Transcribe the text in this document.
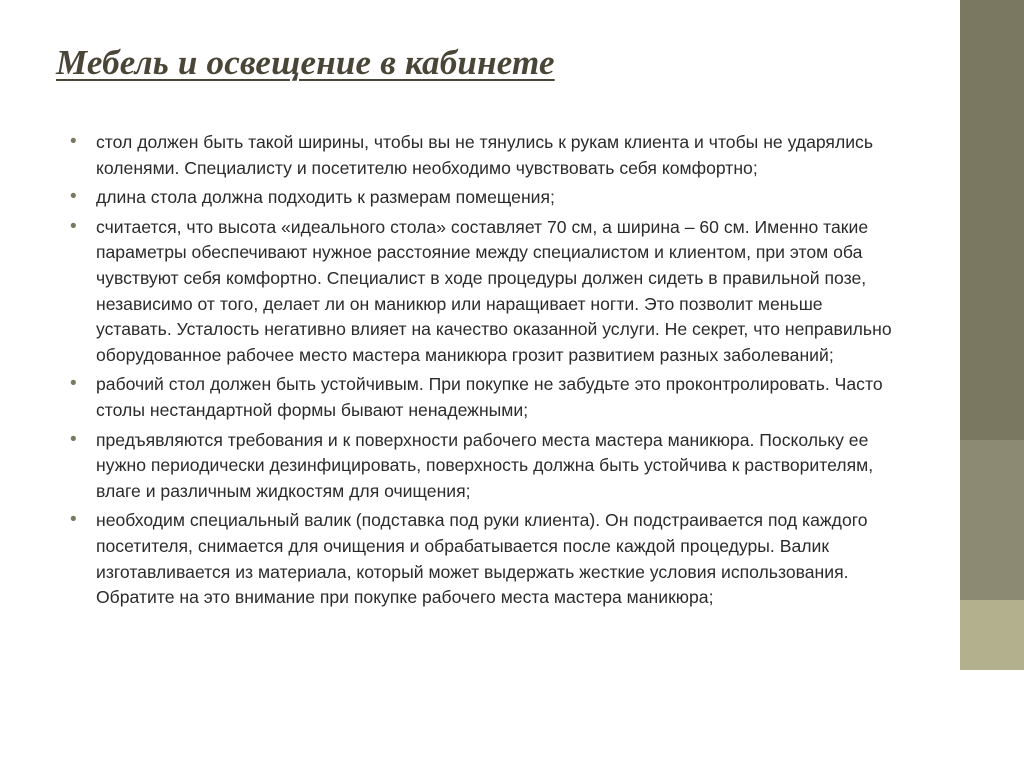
Мебель и освещение в кабинете
• стол должен быть такой ширины, чтобы вы не тянулись к рукам клиента и чтобы не ударялись коленями. Специалисту и посетителю необходимо чувствовать себя комфортно;
• длина стола должна подходить к размерам помещения;
• считается, что высота «идеального стола» составляет 70 см, а ширина – 60 см. Именно такие параметры обеспечивают нужное расстояние между специалистом и клиентом, при этом оба чувствуют себя комфортно. Специалист в ходе процедуры должен сидеть в правильной позе, независимо от того, делает ли он маникюр или наращивает ногти. Это позволит меньше уставать. Усталость негативно влияет на качество оказанной услуги. Не секрет, что неправильно оборудованное рабочее место мастера маникюра грозит развитием разных заболеваний;
• рабочий стол должен быть устойчивым. При покупке не забудьте это проконтролировать. Часто столы нестандартной формы бывают ненадежными;
• предъявляются требования и к поверхности рабочего места мастера маникюра. Поскольку ее нужно периодически дезинфицировать, поверхность должна быть устойчива к растворителям, влаге и различным жидкостям для очищения;
• необходим специальный валик (подставка под руки клиента). Он подстраивается под каждого посетителя, снимается для очищения и обрабатывается после каждой процедуры. Валик изготавливается из материала, который может выдержать жесткие условия использования. Обратите на это внимание при покупке рабочего места мастера маникюра;
